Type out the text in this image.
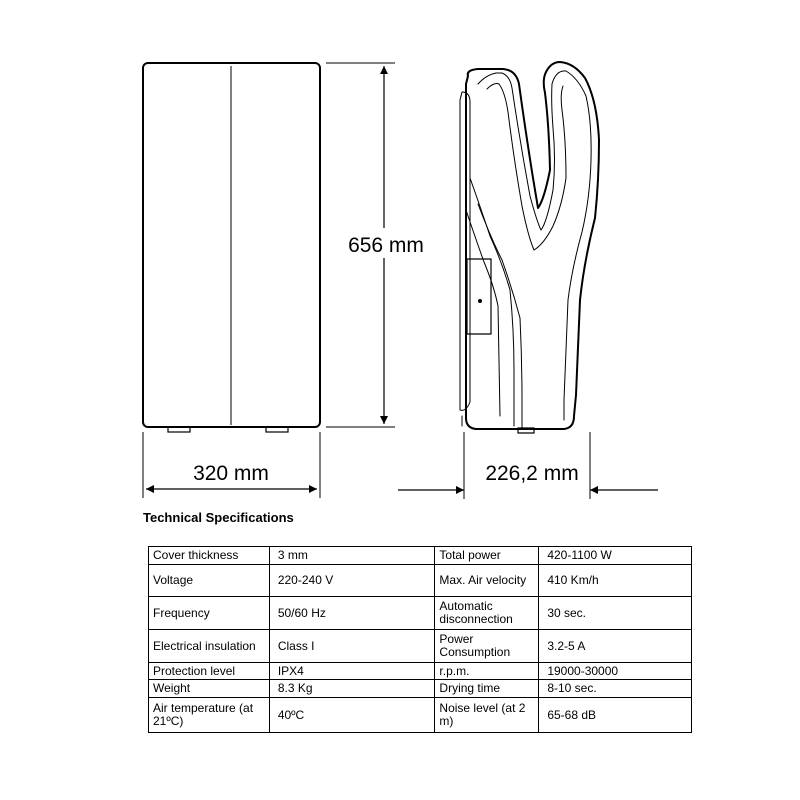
656 mm
320 mm	226,2 mm
Technical Specifications
Cover thickness	3 mm	Total power	420-1100 W
Voltage	220-240 V	Max. Air velocity	410 Km/h
Frequency	50/60 Hz	Automatic disconnection	30 sec.
Electrical insulation	Class I	Power Consumption	3.2-5 A
Protection level	IPX4	r.p.m.	19000-30000
Weight	8.3 Kg	Drying time	8-10 sec.
Air temperature (at 21ºC)	40ºC	Noise level (at 2 m)	65-68 dB
